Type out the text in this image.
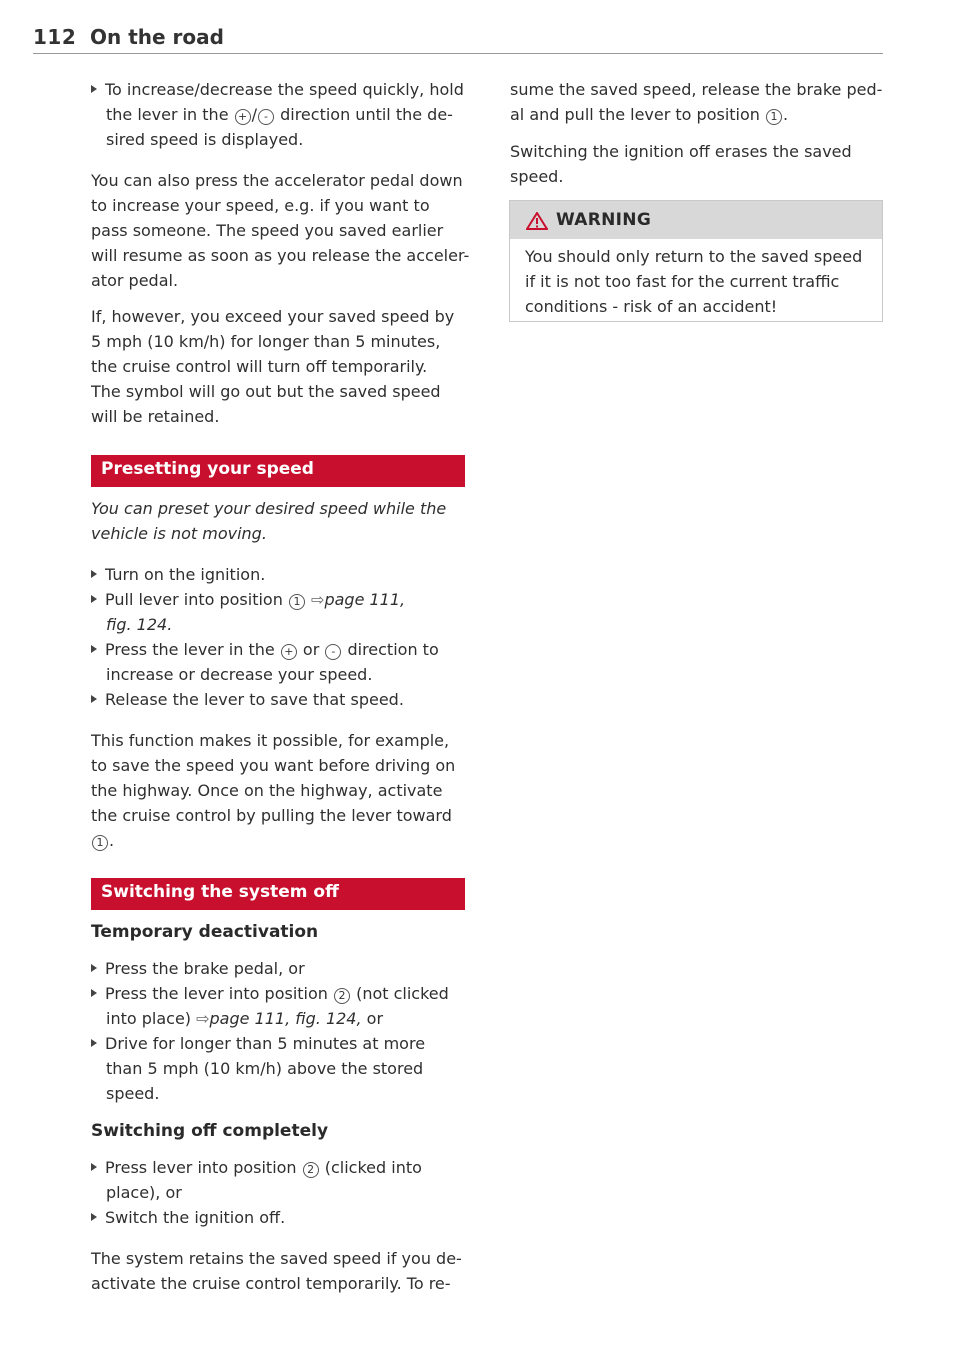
112 On the road
To increase/decrease the speed quickly, hold
the lever in the + / - direction until the de-
sired speed is displayed.
You can also press the accelerator pedal down
to increase your speed, e.g. if you want to
pass someone. The speed you saved earlier
will resume as soon as you release the acceler-
ator pedal.
If, however, you exceed your saved speed by
5 mph (10 km/h) for longer than 5 minutes,
the cruise control will turn off temporarily.
The symbol will go out but the saved speed
will be retained.
Presetting your speed
You can preset your desired speed while the
vehicle is not moving.
Turn on the ignition.
Pull lever into position 1 ⇨page 111,
fig. 124.
Press the lever in the + or - direction to
increase or decrease your speed.
Release the lever to save that speed.
This function makes it possible, for example,
to save the speed you want before driving on
the highway. Once on the highway, activate
the cruise control by pulling the lever toward
1 .
Switching the system off
Temporary deactivation
Press the brake pedal, or
Press the lever into position 2 (not clicked
into place) ⇨page 111, fig. 124, or
Drive for longer than 5 minutes at more
than 5 mph (10 km/h) above the stored
speed.
Switching off completely
Press lever into position 2 (clicked into
place), or
Switch the ignition off.
The system retains the saved speed if you de-
activate the cruise control temporarily. To re-
sume the saved speed, release the brake ped-
al and pull the lever to position 1 .
Switching the ignition off erases the saved
speed.
WARNING
You should only return to the saved speed
if it is not too fast for the current traffic
conditions - risk of an accident!
